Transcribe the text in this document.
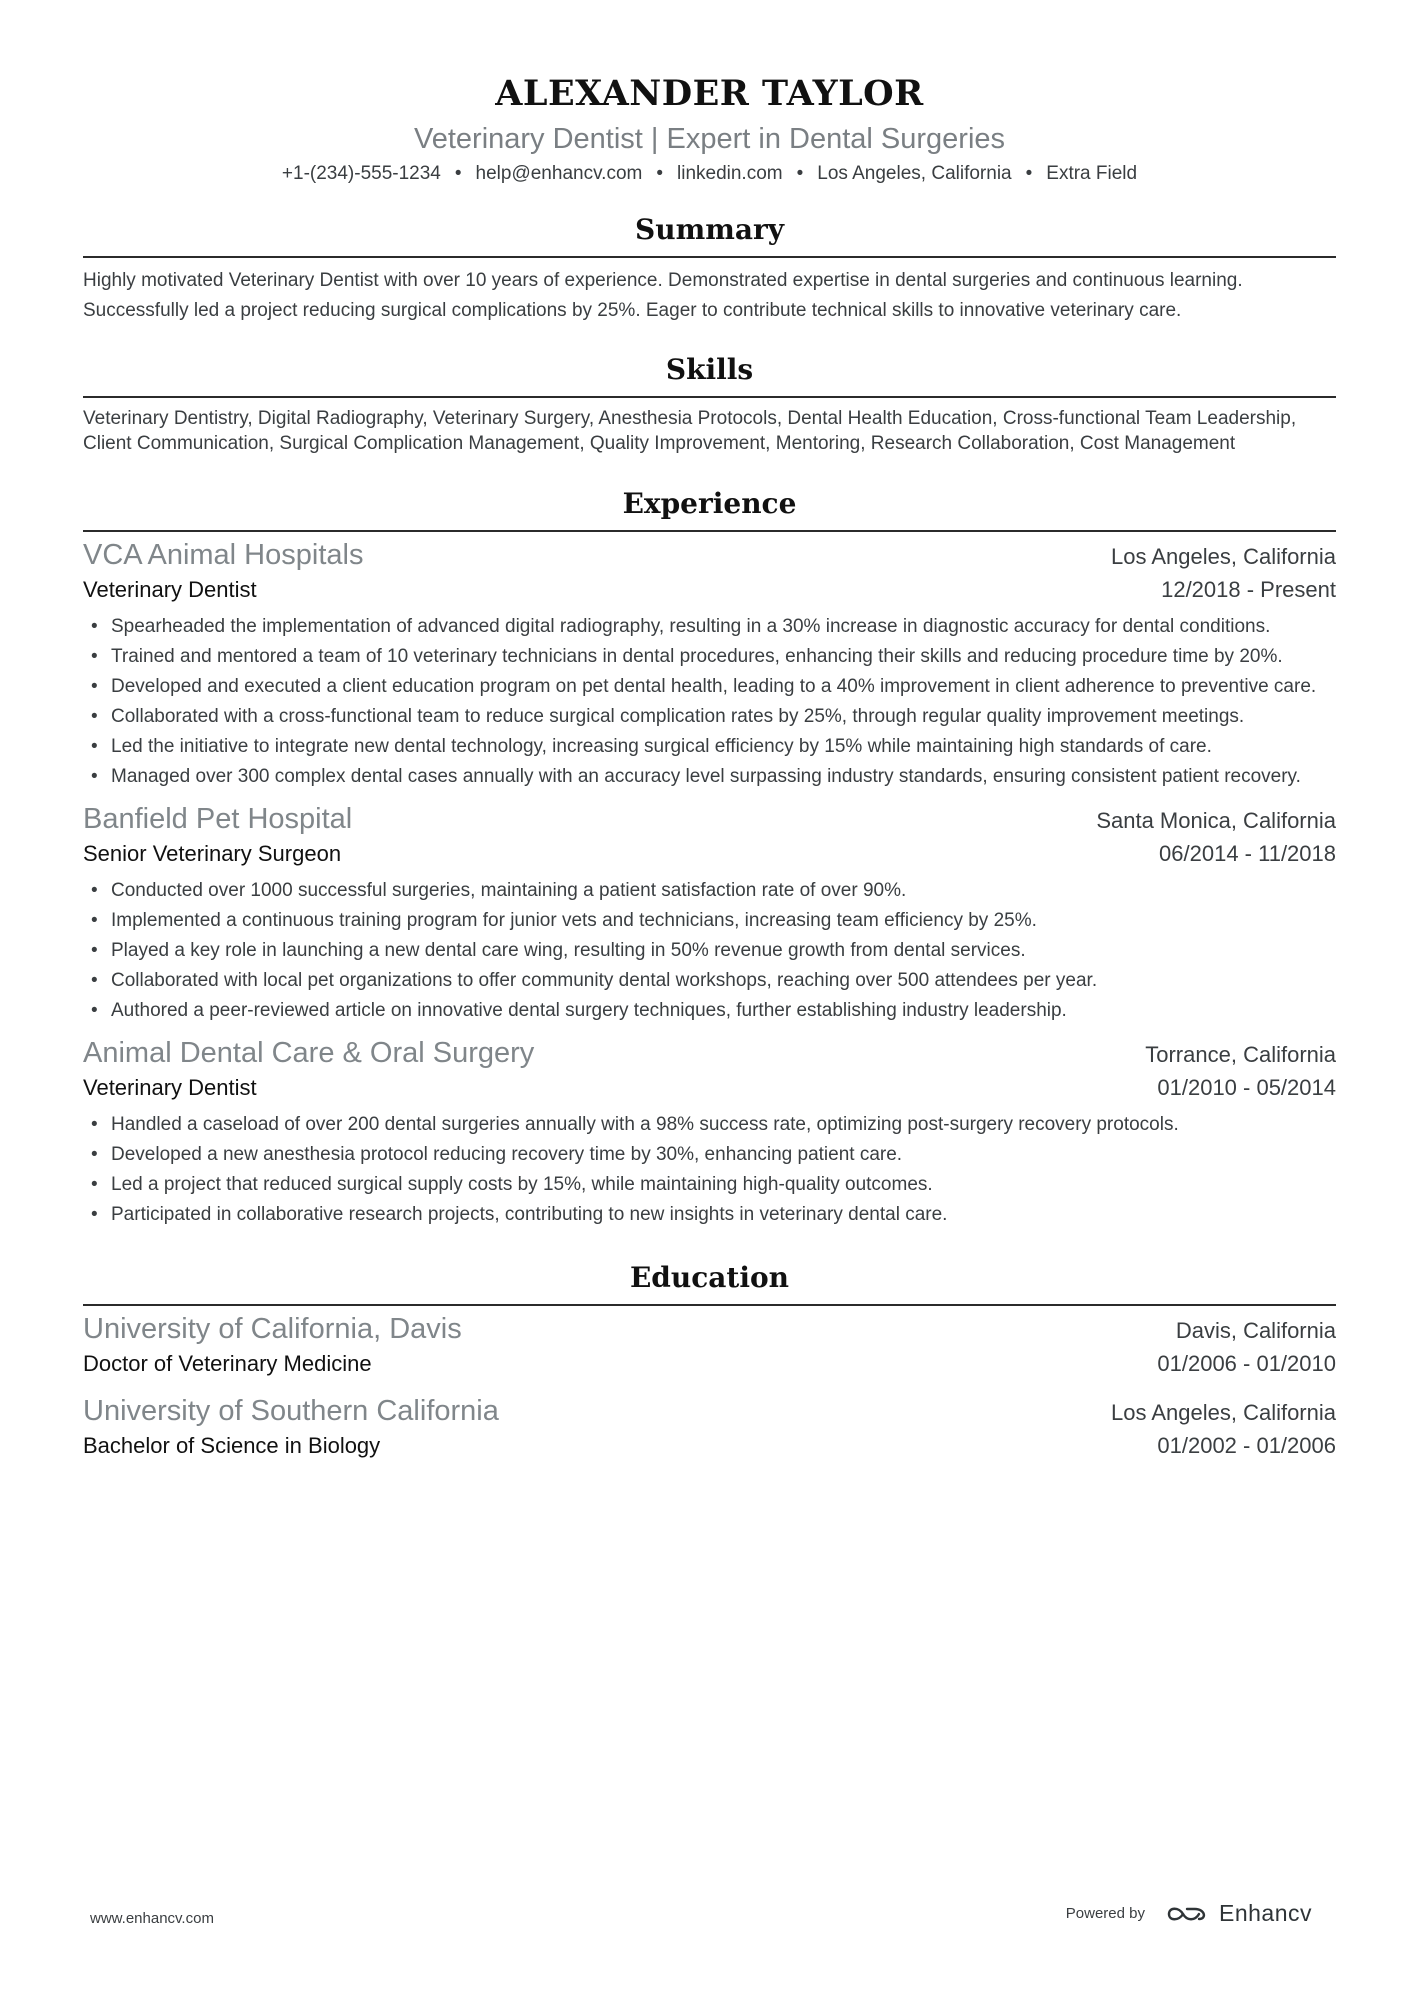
ALEXANDER TAYLOR
Veterinary Dentist | Expert in Dental Surgeries
+1-(234)-555-1234 • help@enhancv.com • linkedin.com • Los Angeles, California • Extra Field
Summary
Highly motivated Veterinary Dentist with over 10 years of experience. Demonstrated expertise in dental surgeries and continuous learning. Successfully led a project reducing surgical complications by 25%. Eager to contribute technical skills to innovative veterinary care.
Skills
Veterinary Dentistry, Digital Radiography, Veterinary Surgery, Anesthesia Protocols, Dental Health Education, Cross-functional Team Leadership, Client Communication, Surgical Complication Management, Quality Improvement, Mentoring, Research Collaboration, Cost Management
Experience
VCA Animal Hospitals	Los Angeles, California
Veterinary Dentist	12/2018 - Present
• Spearheaded the implementation of advanced digital radiography, resulting in a 30% increase in diagnostic accuracy for dental conditions.
• Trained and mentored a team of 10 veterinary technicians in dental procedures, enhancing their skills and reducing procedure time by 20%.
• Developed and executed a client education program on pet dental health, leading to a 40% improvement in client adherence to preventive care.
• Collaborated with a cross-functional team to reduce surgical complication rates by 25%, through regular quality improvement meetings.
• Led the initiative to integrate new dental technology, increasing surgical efficiency by 15% while maintaining high standards of care.
• Managed over 300 complex dental cases annually with an accuracy level surpassing industry standards, ensuring consistent patient recovery.
Banfield Pet Hospital	Santa Monica, California
Senior Veterinary Surgeon	06/2014 - 11/2018
• Conducted over 1000 successful surgeries, maintaining a patient satisfaction rate of over 90%.
• Implemented a continuous training program for junior vets and technicians, increasing team efficiency by 25%.
• Played a key role in launching a new dental care wing, resulting in 50% revenue growth from dental services.
• Collaborated with local pet organizations to offer community dental workshops, reaching over 500 attendees per year.
• Authored a peer-reviewed article on innovative dental surgery techniques, further establishing industry leadership.
Animal Dental Care & Oral Surgery	Torrance, California
Veterinary Dentist	01/2010 - 05/2014
• Handled a caseload of over 200 dental surgeries annually with a 98% success rate, optimizing post-surgery recovery protocols.
• Developed a new anesthesia protocol reducing recovery time by 30%, enhancing patient care.
• Led a project that reduced surgical supply costs by 15%, while maintaining high-quality outcomes.
• Participated in collaborative research projects, contributing to new insights in veterinary dental care.
Education
University of California, Davis	Davis, California
Doctor of Veterinary Medicine	01/2006 - 01/2010
University of Southern California	Los Angeles, California
Bachelor of Science in Biology	01/2002 - 01/2006
www.enhancv.com	Powered by	Enhancv
